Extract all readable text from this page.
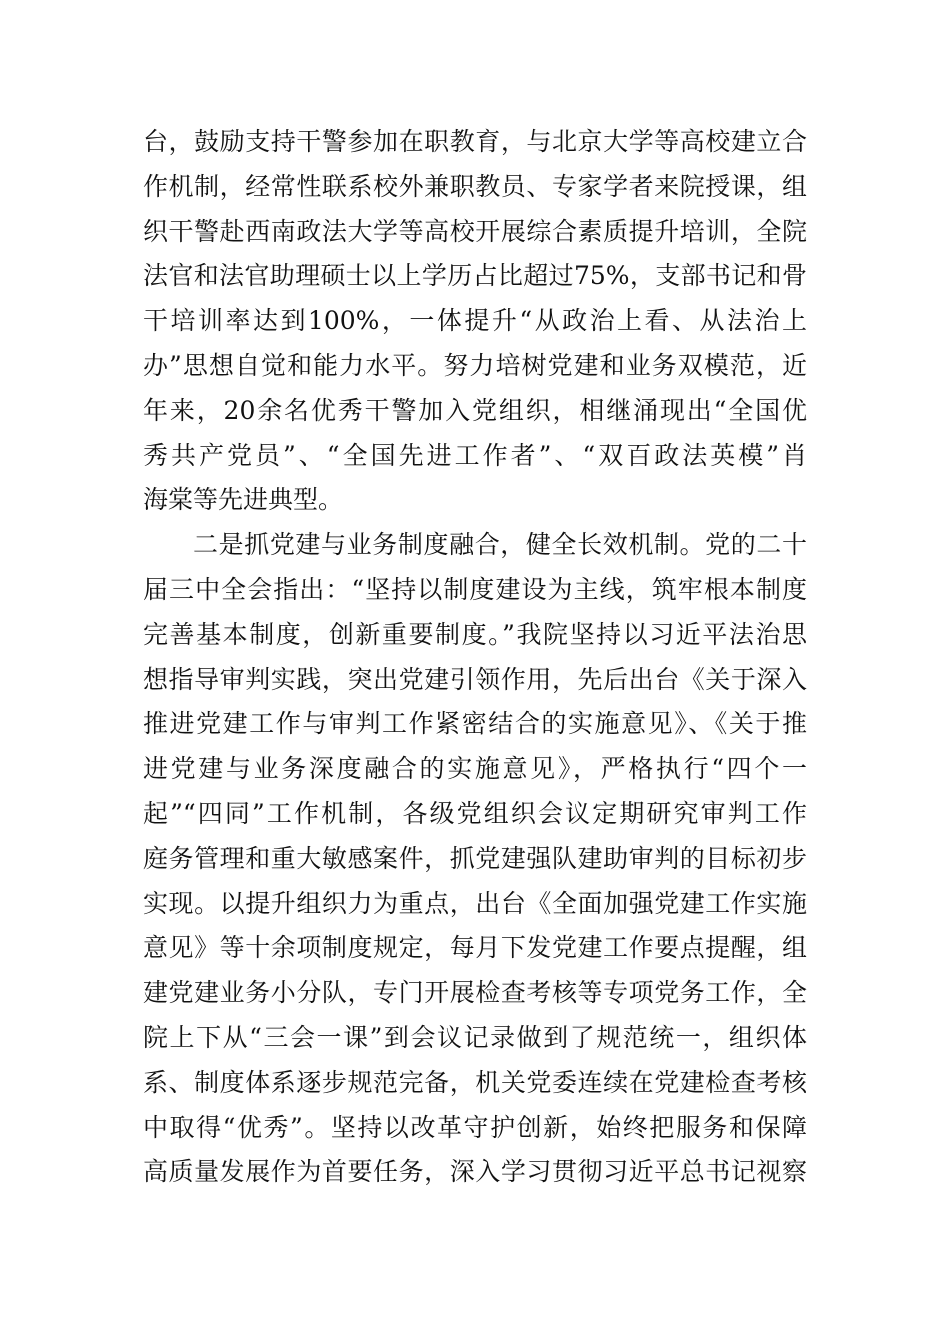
台，鼓励支持干警参加在职教育，与北京大学等高校建立合
作机制，经常性联系校外兼职教员、专家学者来院授课，组
织干警赴西南政法大学等高校开展综合素质提升培训，全院
法官和法官助理硕士以上学历占比超过75%，支部书记和骨
干培训率达到100%，一体提升“从政治上看、从法治上
办”思想自觉和能力水平。努力培树党建和业务双模范，近
年来，20余名优秀干警加入党组织，相继涌现出“全国优
秀共产党员”、“全国先进工作者”、“双百政法英模”肖
海棠等先进典型。
二是抓党建与业务制度融合，健全长效机制。党的二十
届三中全会指出：“坚持以制度建设为主线，筑牢根本制度
完善基本制度，创新重要制度。”我院坚持以习近平法治思
想指导审判实践，突出党建引领作用，先后出台《关于深入
推进党建工作与审判工作紧密结合的实施意见》、《关于推
进党建与业务深度融合的实施意见》，严格执行“四个一
起”“四同”工作机制，各级党组织会议定期研究审判工作
庭务管理和重大敏感案件，抓党建强队建助审判的目标初步
实现。以提升组织力为重点，出台《全面加强党建工作实施
意见》等十余项制度规定，每月下发党建工作要点提醒，组
建党建业务小分队，专门开展检查考核等专项党务工作，全
院上下从“三会一课”到会议记录做到了规范统一，组织体
系、制度体系逐步规范完备，机关党委连续在党建检查考核
中取得“优秀”。坚持以改革守护创新，始终把服务和保障
高质量发展作为首要任务，深入学习贯彻习近平总书记视察
